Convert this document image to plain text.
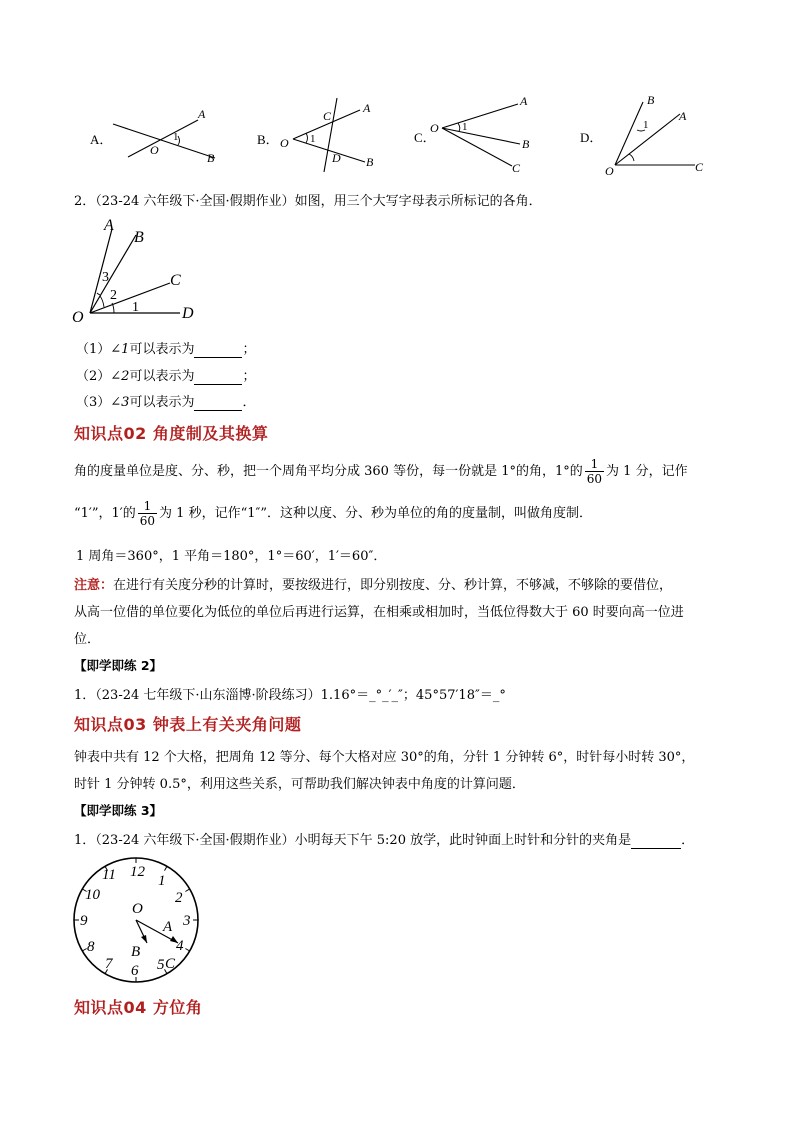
A．
A
B
O
1	B．
A
B
C
D
O 1	C．
A
B
C
O 1
D．
B
A
C
O
1
2．（23-24 六年级下·全国·假期作业）如图，用三个大写字母表示所标记的各角．
A
B
C
D
O
1
2
3
（1）∠1可以表示为	；
（2）∠2可以表示为	；
（3）∠3可以表示为	．
知识点02 角度制及其换算
角的度量单位是度、分、秒，把一个周角平均分成 360 等份，每一份就是 1°的角，1°的 $\frac{1}{60}$ 为 1 分，记作
“1′”，1′的 $\frac{1}{60}$ 为 1 秒，记作“1″”．这种以度、分、秒为单位的角的度量制，叫做角度制．
1 周角＝360°，1 平角＝180°，1°＝60′，1′＝60″．
注意：在进行有关度分秒的计算时，要按级进行，即分别按度、分、秒计算，不够减，不够除的要借位，
从高一位借的单位要化为低位的单位后再进行运算，在相乘或相加时，当低位得数大于 60 时要向高一位进
位．
【即学即练 2】
1．（23-24 七年级下·山东淄博·阶段练习）1.16°＝_°_′_″；45°57′18″＝_°
知识点03 钟表上有关夹角问题
钟表中共有 12 个大格，把周角 12 等分、每个大格对应 30°的角，分针 1 分钟转 6°，时针每小时转 30°，
时针 1 分钟转 0.5°，利用这些关系，可帮助我们解决钟表中角度的计算问题．
【即学即练 3】
1．（23-24 六年级下·全国·假期作业）小明每天下午 5:20 放学，此时钟面上时针和分针的夹角是	．
12
1
2
3
4
5
6
7
8
9
10
11
O
A
B
C
知识点04 方位角
